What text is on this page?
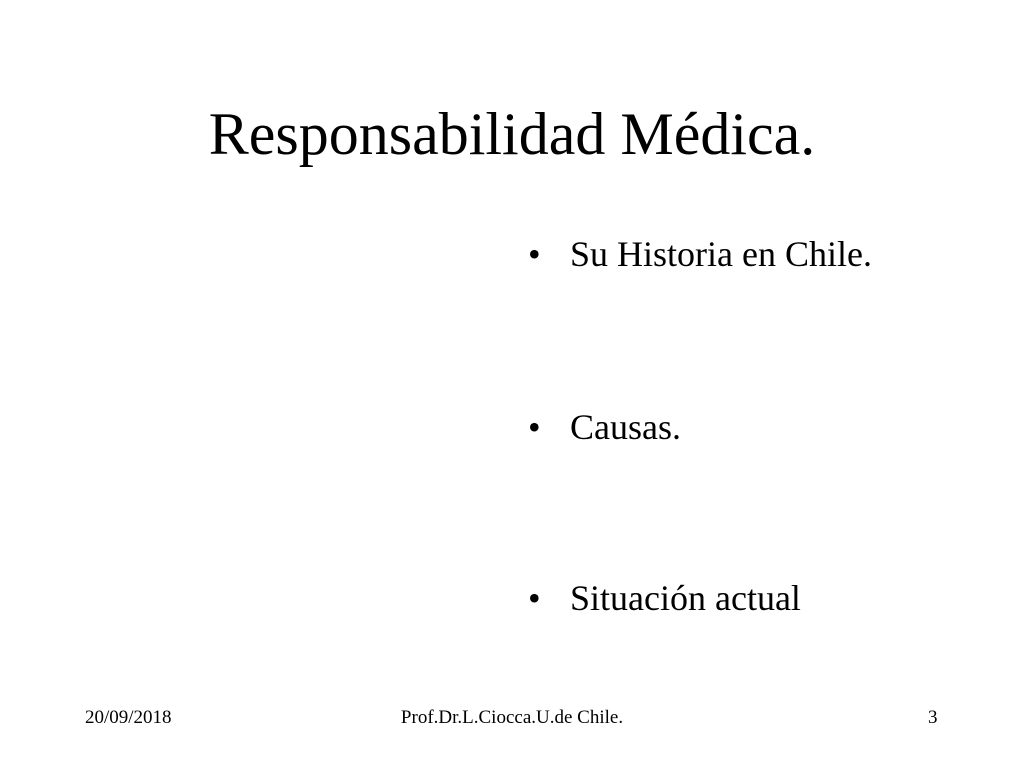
Responsabilidad Médica.
• Su Historia en Chile.
• Causas.
• Situación actual
20/09/2018	Prof.Dr.L.Ciocca.U.de Chile.	3
